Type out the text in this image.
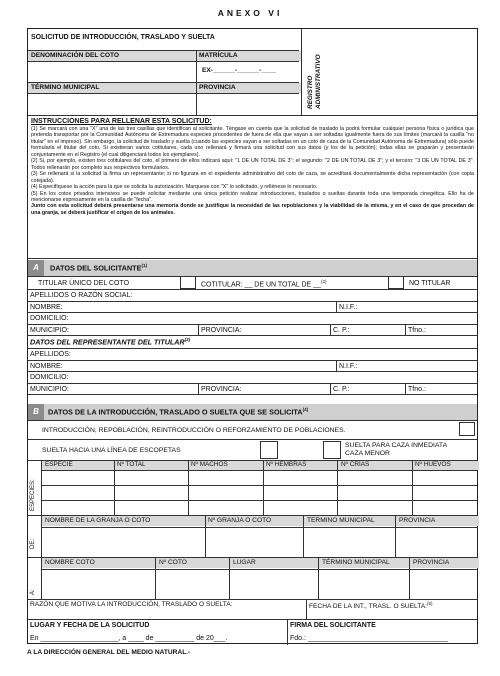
ANEXO VI
SOLICITUD DE INTRODUCCIÓN, TRASLADO Y SUELTA
REGISTRO ADMINISTRATIVO
DENOMINACIÓN DEL COTO	MATRÍCULA
EX-______-______-____
TÉRMINO MUNICIPAL	PROVINCIA
INSTRUCCIONES PARA RELLENAR ESTA SOLICITUD:
(1) Se marcará con una "X" una de las tres casillas que identifican al solicitante. Téngase en cuenta que la solicitud de traslado la podrá formular cualquier persona física o jurídica que pretenda transportar por la Comunidad Autónoma de Extremadura especies procedentes de fuera de ella que vayan a ser soltadas igualmente fuera de sus límites (marcará la casilla "no titular" en el impreso). Sin embargo, la solicitud de traslado y suelta (cuando las especies vayan a ser soltadas en un coto de caza de la Comunidad Autónoma de Extremadura) sólo puede formularla el titular del coto. Si existieran varios cotitulares, cada uno rellenará y firmará una solicitud con sus datos (y los de la petición); todas ellas se graparán y presentarán conjuntamente en el Registro (el cual diligenciará todos los ejemplares).
(2) Si, por ejemplo, existen tres cotitulares del coto, el primero de ellos indicará aquí: "1 DE UN TOTAL DE 3"; el segundo: "2 DE UN TOTAL DE 3"; y el tercero: "3 DE UN TOTAL DE 3". Todos rellenarán por completo sus respectivos formularios.
(3) Se rellenará si la solicitud la firma un representante; si no figurara en el expediente administrativo del coto de caza, se acreditará documentalmente dicha representación (con copia cotejada).
(4) Especifíquese la acción para la que se solicita la autorización. Marquese con "X" lo solicitado, y rellénese lo necesario.
(5) En los cotos privados intensivos se puede solicitar mediante una única petición realizar introducciones, traslados o sueltas durante toda una temporada cinegética. Ello ha de mencionarse expresamente en la casilla de "fecha".
Junto con esta solicitud deberá presentarse una memoria donde se justifique la necesidad de las repoblaciones y la viabilidad de la misma, y en el caso de que procedan de una granja, se deberá justificar el origen de los animales.
A	DATOS DEL SOLICITANTE$^{(1)}$
TITULAR ÚNICO DEL COTO	COTITULAR: __ DE UN TOTAL DE __$^{(2)}$	NO TITULAR
APELLIDOS O RAZÓN SOCIAL:
NOMBRE:	N.I.F.:
DOMICILIO:
MUNICIPIO:	PROVINCIA:	C. P.:	Tfno.:
DATOS DEL REPRESENTANTE DEL TITULAR$^{(3)}$
APELLIDOS:
NOMBRE:	N.I.F.:
DOMICILIO:
MUNICIPIO:	PROVINCIA:	C. P.:	Tfno.:
B	DATOS DE LA INTRODUCCIÓN, TRASLADO O SUELTA QUE SE SOLICITA$^{(4)}$
INTRODUCCIÓN, REPOBLACIÓN, REINTRODUCCIÓN O REFORZAMIENTO DE POBLACIONES.
SUELTA HACIA UNA LÍNEA DE ESCOPETAS
SUELTA PARA CAZA INMEDIATA
CAZA MENOR
ESPECIES:
ESPECIE	Nº TOTAL	Nº MACHOS	Nº HEMBRAS	Nº CRÍAS	Nº HUEVOS
DE:
NOMBRE DE LA GRANJA O COTO	Nº GRANJA O COTO	TERMINO MUNICIPAL	PROVINCIA
A:
NOMBRE COTO	Nº COTO	LUGAR	TÉRMINO MUNICIPAL	PROVINCIA
RAZÓN QUE MOTIVA LA INTRODUCCIÓN, TRASLADO O SUELTA:	FECHA DE LA INT., TRASL. O SUELTA:$^{(5)}$
LUGAR Y FECHA DE LA SOLICITUD
En ____________________, a ____ de __________ de 20___.
FIRMA DEL SOLICITANTE
Fdo.: ____________________________________
A LA DIRECCIÓN GENERAL DEL MEDIO NATURAL.-
